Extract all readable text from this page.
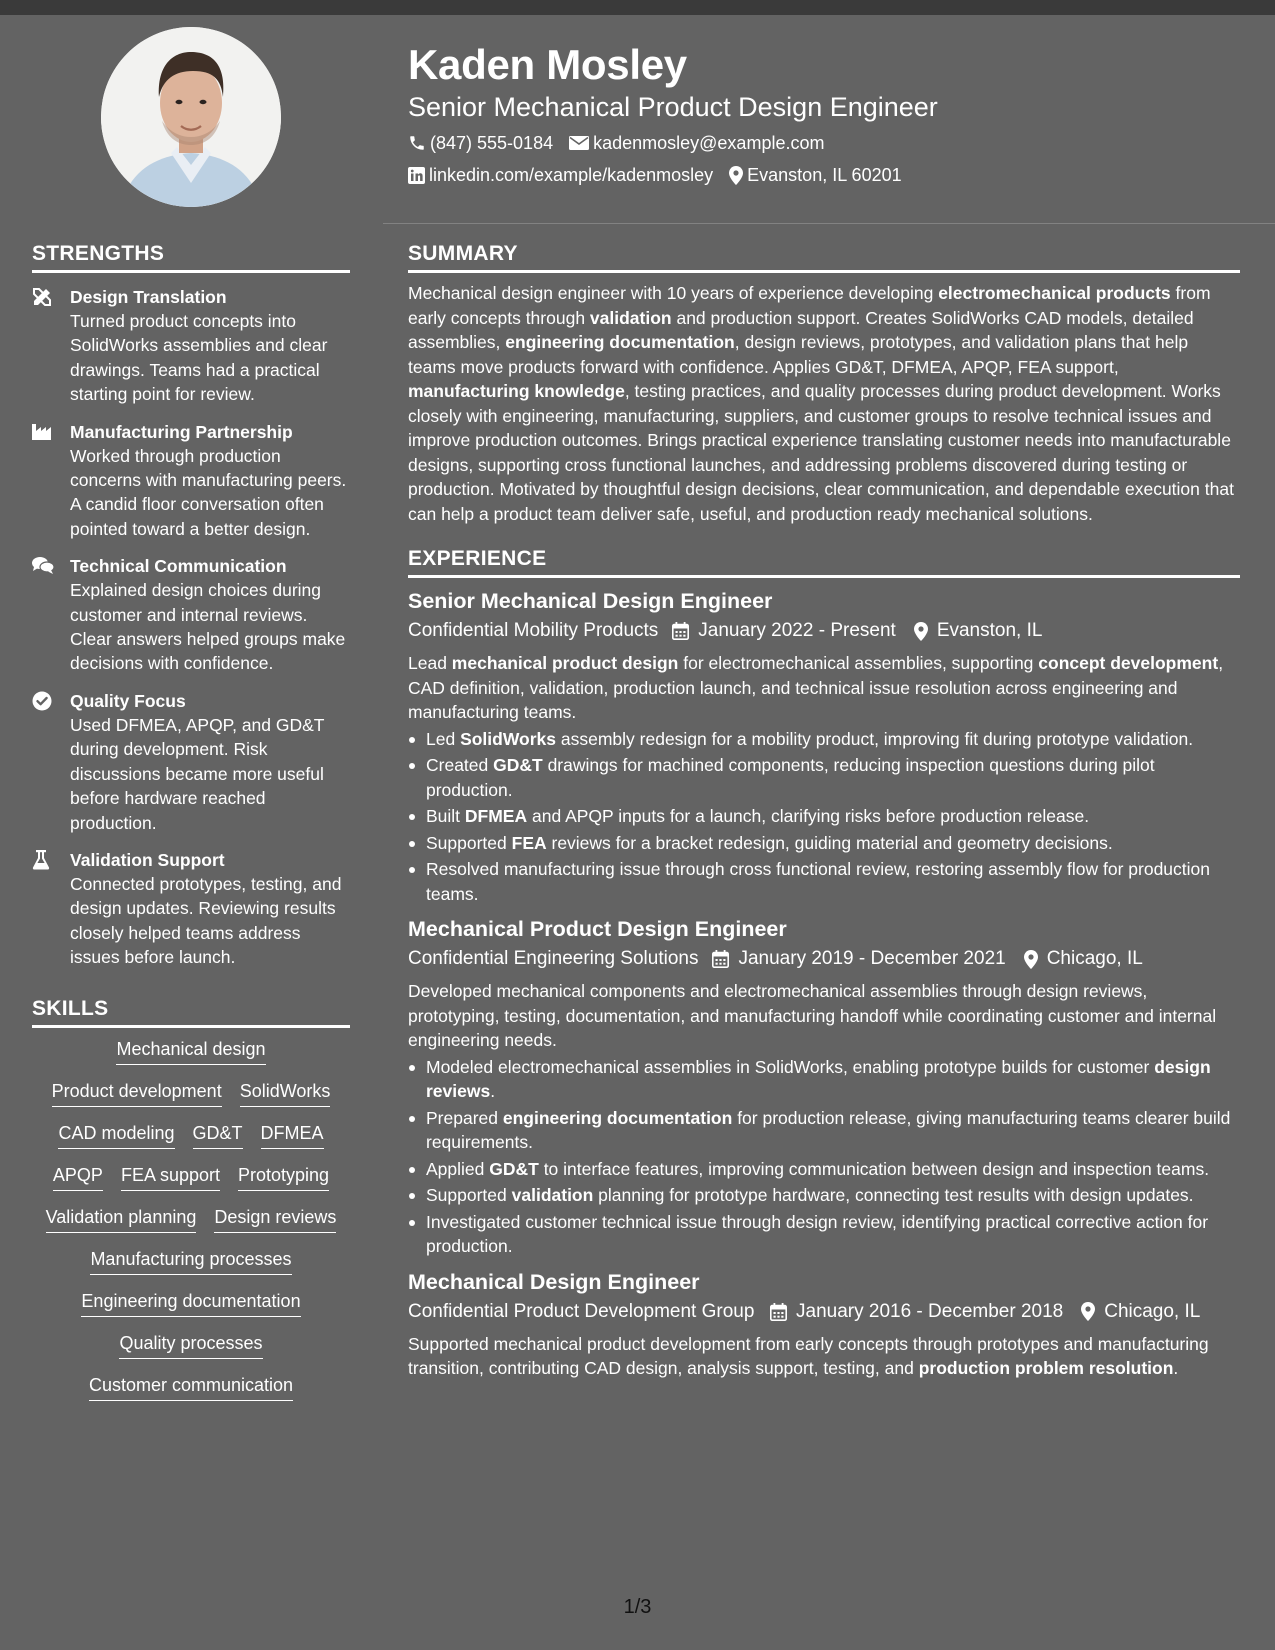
Kaden Mosley
Senior Mechanical Product Design Engineer
(847) 555-0184 kadenmosley@example.com
linkedin.com/example/kadenmosley Evanston, IL 60201
STRENGTHS
Design Translation
Turned product concepts into SolidWorks assemblies and clear drawings. Teams had a practical starting point for review.
Manufacturing Partnership
Worked through production concerns with manufacturing peers. A candid floor conversation often pointed toward a better design.
Technical Communication
Explained design choices during customer and internal reviews. Clear answers helped groups make decisions with confidence.
Quality Focus
Used DFMEA, APQP, and GD&T during development. Risk discussions became more useful before hardware reached production.
Validation Support
Connected prototypes, testing, and design updates. Reviewing results closely helped teams address issues before launch.
SKILLS
Mechanical design
Product development SolidWorks
CAD modeling GD&T DFMEA
APQP FEA support Prototyping
Validation planning Design reviews
Manufacturing processes
Engineering documentation
Quality processes
Customer communication
SUMMARY
Mechanical design engineer with 10 years of experience developing electromechanical products from early concepts through validation and production support. Creates SolidWorks CAD models, detailed assemblies, engineering documentation, design reviews, prototypes, and validation plans that help teams move products forward with confidence. Applies GD&T, DFMEA, APQP, FEA support, manufacturing knowledge, testing practices, and quality processes during product development. Works closely with engineering, manufacturing, suppliers, and customer groups to resolve technical issues and improve production outcomes. Brings practical experience translating customer needs into manufacturable designs, supporting cross functional launches, and addressing problems discovered during testing or production. Motivated by thoughtful design decisions, clear communication, and dependable execution that can help a product team deliver safe, useful, and production ready mechanical solutions.
EXPERIENCE
Senior Mechanical Design Engineer
Confidential Mobility Products January 2022 - Present Evanston, IL
Lead mechanical product design for electromechanical assemblies, supporting concept development, CAD definition, validation, production launch, and technical issue resolution across engineering and manufacturing teams.
Led SolidWorks assembly redesign for a mobility product, improving fit during prototype validation.
Created GD&T drawings for machined components, reducing inspection questions during pilot production.
Built DFMEA and APQP inputs for a launch, clarifying risks before production release.
Supported FEA reviews for a bracket redesign, guiding material and geometry decisions.
Resolved manufacturing issue through cross functional review, restoring assembly flow for production teams.
Mechanical Product Design Engineer
Confidential Engineering Solutions January 2019 - December 2021 Chicago, IL
Developed mechanical components and electromechanical assemblies through design reviews, prototyping, testing, documentation, and manufacturing handoff while coordinating customer and internal engineering needs.
Modeled electromechanical assemblies in SolidWorks, enabling prototype builds for customer design reviews.
Prepared engineering documentation for production release, giving manufacturing teams clearer build requirements.
Applied GD&T to interface features, improving communication between design and inspection teams.
Supported validation planning for prototype hardware, connecting test results with design updates.
Investigated customer technical issue through design review, identifying practical corrective action for production.
Mechanical Design Engineer
Confidential Product Development Group January 2016 - December 2018 Chicago, IL
Supported mechanical product development from early concepts through prototypes and manufacturing transition, contributing CAD design, analysis support, testing, and production problem resolution.
1/3
